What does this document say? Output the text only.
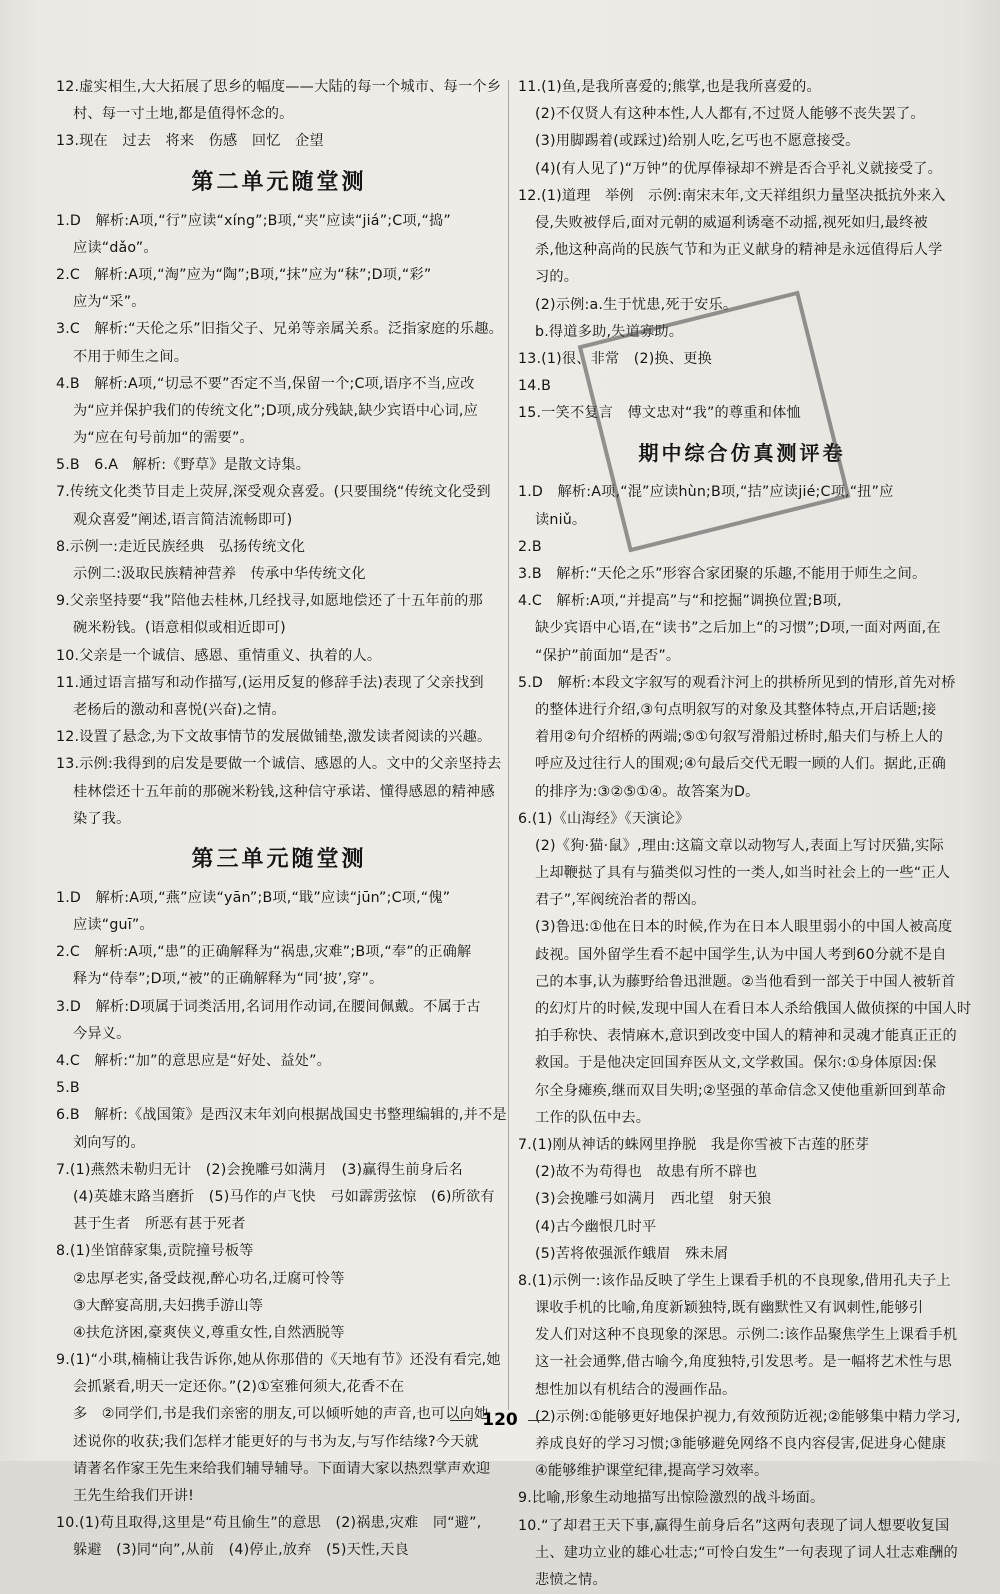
12.虚实相生,大大拓展了思乡的幅度——大陆的每一个城市、每一个乡
村、每一寸土地,都是值得怀念的。
13.现在　过去　将来　伤感　回忆　企望
第二单元随堂测
1.D　解析:A项,“行”应读“xíng”;B项,“夹”应读“jiá”;C项,“捣”
应读“dǎo”。
2.C　解析:A项,“淘”应为“陶”;B项,“抹”应为“秣”;D项,“彩”
应为“采”。
3.C　解析:“天伦之乐”旧指父子、兄弟等亲属关系。泛指家庭的乐趣。
不用于师生之间。
4.B　解析:A项,“切忌不要”否定不当,保留一个;C项,语序不当,应改
为“应并保护我们的传统文化”;D项,成分残缺,缺少宾语中心词,应
为“应在句号前加“的需要”。
5.B　6.A　解析:《野草》是散文诗集。
7.传统文化类节目走上荧屏,深受观众喜爱。(只要围绕“传统文化受到
观众喜爱”阐述,语言简洁流畅即可)
8.示例一:走近民族经典　弘扬传统文化
示例二:汲取民族精神营养　传承中华传统文化
9.父亲坚持要“我”陪他去桂林,几经找寻,如愿地偿还了十五年前的那
碗米粉钱。(语意相似或相近即可)
10.父亲是一个诚信、感恩、重情重义、执着的人。
11.通过语言描写和动作描写,(运用反复的修辞手法)表现了父亲找到
老杨后的激动和喜悦(兴奋)之情。
12.设置了悬念,为下文故事情节的发展做铺垫,激发读者阅读的兴趣。
13.示例:我得到的启发是要做一个诚信、感恩的人。文中的父亲坚持去
桂林偿还十五年前的那碗米粉钱,这种信守承诺、懂得感恩的精神感
染了我。
第三单元随堂测
1.D　解析:A项,“燕”应读“yān”;B项,“戢”应读“jūn”;C项,“傀”
应读“guī”。
2.C　解析:A项,“患”的正确解释为“祸患,灾难”;B项,“奉”的正确解
释为“侍奉”;D项,“被”的正确解释为“同‘披’,穿”。
3.D　解析:D项属于词类活用,名词用作动词,在腰间佩戴。不属于古
今异义。
4.C　解析:“加”的意思应是“好处、益处”。
5.B
6.B　解析:《战国策》是西汉末年刘向根据战国史书整理编辑的,并不是
刘向写的。
7.(1)燕然未勒归无计　(2)会挽雕弓如满月　(3)赢得生前身后名
(4)英雄末路当磨折　(5)马作的卢飞快　弓如霹雳弦惊　(6)所欲有
甚于生者　所恶有甚于死者
8.(1)坐馆薛家集,贡院撞号板等
②忠厚老实,备受歧视,醉心功名,迂腐可怜等
③大醉宴高朋,夫妇携手游山等
④扶危济困,豪爽侠义,尊重女性,自然洒脱等
9.(1)“小琪,楠楠让我告诉你,她从你那借的《天地有节》还没有看完,她
会抓紧看,明天一定还你。”(2)①室雅何须大,花香不在
多　②同学们,书是我们亲密的朋友,可以倾听她的声音,也可以向她
述说你的收获;我们怎样才能更好的与书为友,与写作结缘?今天就
请著名作家王先生来给我们辅导辅导。下面请大家以热烈掌声欢迎
王先生给我们开讲!
10.(1)苟且取得,这里是“苟且偷生”的意思　(2)祸患,灾难　同“避”,
躲避　(3)同“向”,从前　(4)停止,放弃　(5)天性,天良
11.(1)鱼,是我所喜爱的;熊掌,也是我所喜爱的。
(2)不仅贤人有这种本性,人人都有,不过贤人能够不丧失罢了。
(3)用脚踢着(或踩过)给别人吃,乞丐也不愿意接受。
(4)(有人见了)“万钟”的优厚俸禄却不辨是否合乎礼义就接受了。
12.(1)道理　举例　示例:南宋末年,文天祥组织力量坚决抵抗外来入
侵,失败被俘后,面对元朝的威逼利诱毫不动摇,视死如归,最终被
杀,他这种高尚的民族气节和为正义献身的精神是永远值得后人学
习的。
(2)示例:a.生于忧患,死于安乐。
b.得道多助,失道寡助。
13.(1)很、非常　(2)换、更换
14.B
15.一笑不复言　傅文忠对“我”的尊重和体恤
期中综合仿真测评卷
1.D　解析:A项,“混”应读hùn;B项,“拮”应读jié;C项,“扭”应
读niǔ。
2.B
3.B　解析:“天伦之乐”形容合家团聚的乐趣,不能用于师生之间。
4.C　解析:A项,“并提高”与“和挖掘”调换位置;B项,
缺少宾语中心语,在“读书”之后加上“的习惯”;D项,一面对两面,在
“保护”前面加“是否”。
5.D　解析:本段文字叙写的观看汴河上的拱桥所见到的情形,首先对桥
的整体进行介绍,③句点明叙写的对象及其整体特点,开启话题;接
着用②句介绍桥的两端;⑤①句叙写滑船过桥时,船夫们与桥上人的
呼应及过往行人的围观;④句最后交代无暇一顾的人们。据此,正确
的排序为:③②⑤①④。故答案为D。
6.(1)《山海经》《天演论》
(2)《狗·猫·鼠》,理由:这篇文章以动物写人,表面上写讨厌猫,实际
上却鞭挞了具有与猫类似习性的一类人,如当时社会上的一些“正人
君子”,军阀统治者的帮凶。
(3)鲁迅:①他在日本的时候,作为在日本人眼里弱小的中国人被高度
歧视。国外留学生看不起中国学生,认为中国人考到60分就不是自
己的本事,认为藤野给鲁迅泄题。②当他看到一部关于中国人被斩首
的幻灯片的时候,发现中国人在看日本人杀给俄国人做侦探的中国人时
拍手称快、表情麻木,意识到改变中国人的精神和灵魂才能真正正的
救国。于是他决定回国弃医从文,文学救国。保尔:①身体原因:保
尔全身瘫痪,继而双目失明;②坚强的革命信念又使他重新回到革命
工作的队伍中去。
7.(1)刚从神话的蛛网里挣脱　我是你雪被下古莲的胚芽
(2)故不为苟得也　故患有所不辟也
(3)会挽雕弓如满月　西北望　射天狼
(4)古今幽恨几时平
(5)苦将侬强派作蛾眉　殊未屑
8.(1)示例一:该作品反映了学生上课看手机的不良现象,借用孔夫子上
课收手机的比喻,角度新颖独特,既有幽默性又有讽刺性,能够引
发人们对这种不良现象的深思。示例二:该作品聚焦学生上课看手机
这一社会通弊,借古喻今,角度独特,引发思考。是一幅将艺术性与思
想性加以有机结合的漫画作品。
(2)示例:①能够更好地保护视力,有效预防近视;②能够集中精力学习,
养成良好的学习习惯;③能够避免网络不良内容侵害,促进身心健康
④能够维护课堂纪律,提高学习效率。
9.比喻,形象生动地描写出惊险激烈的战斗场面。
10.“了却君王天下事,赢得生前身后名”这两句表现了词人想要收复国
土、建功立业的雄心壮志;“可怜白发生”一句表现了词人壮志难酬的
悲愤之情。
120
